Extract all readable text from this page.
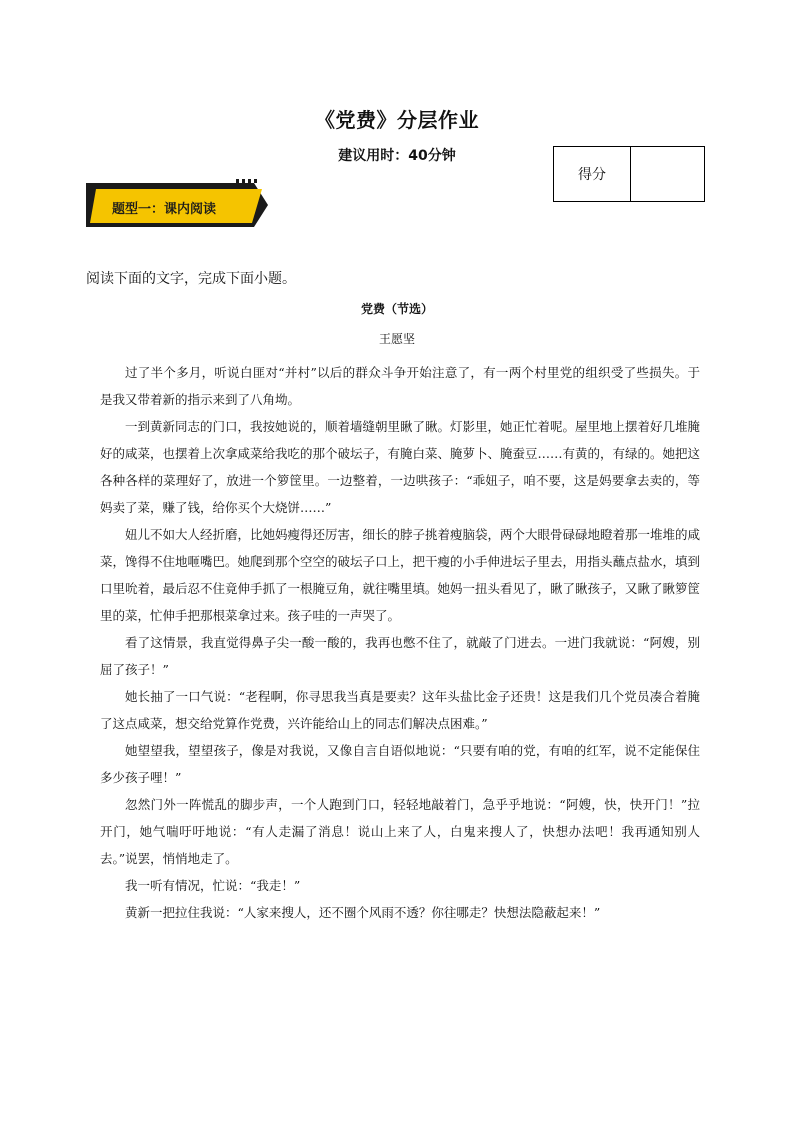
《党费》分层作业
建议用时：40分钟
得分
题型一：课内阅读
阅读下面的文字，完成下面小题。
党费（节选）
王愿坚

过了半个多月，听说白匪对“并村”以后的群众斗争开始注意了，有一两个村里党的组织受了些损失。于是我又带着新的指示来到了八角坳。

一到黄新同志的门口，我按她说的，顺着墙缝朝里瞅了瞅。灯影里，她正忙着呢。屋里地上摆着好几堆腌好的咸菜，也摆着上次拿咸菜给我吃的那个破坛子，有腌白菜、腌萝卜、腌蚕豆……有黄的，有绿的。她把这各种各样的菜理好了，放进一个箩筐里。一边整着，一边哄孩子：“乖妞子，咱不要，这是妈要拿去卖的，等妈卖了菜，赚了钱，给你买个大烧饼……”

妞儿不如大人经折磨，比她妈瘦得还厉害，细长的脖子挑着瘦脑袋，两个大眼骨碌碌地瞪着那一堆堆的咸菜，馋得不住地咂嘴巴。她爬到那个空空的破坛子口上，把干瘦的小手伸进坛子里去，用指头蘸点盐水，填到口里吮着，最后忍不住竟伸手抓了一根腌豆角，就往嘴里填。她妈一扭头看见了，瞅了瞅孩子，又瞅了瞅箩筐里的菜，忙伸手把那根菜拿过来。孩子哇的一声哭了。

看了这情景，我直觉得鼻子尖一酸一酸的，我再也憋不住了，就敲了门进去。一进门我就说：“阿嫂，别屈了孩子！”

她长抽了一口气说：“老程啊，你寻思我当真是要卖？这年头盐比金子还贵！这是我们几个党员凑合着腌了这点咸菜，想交给党算作党费，兴许能给山上的同志们解决点困难。”

她望望我，望望孩子，像是对我说，又像自言自语似地说：“只要有咱的党，有咱的红军，说不定能保住多少孩子哩！”

忽然门外一阵慌乱的脚步声，一个人跑到门口，轻轻地敲着门，急乎乎地说：“阿嫂，快，快开门！”拉开门，她气喘吁吁地说：“有人走漏了消息！说山上来了人，白鬼来搜人了，快想办法吧！我再通知别人去。”说罢，悄悄地走了。

我一听有情况，忙说：“我走！”

黄新一把拉住我说：“人家来搜人，还不圈个风雨不透？你往哪走？快想法隐蔽起来！”
